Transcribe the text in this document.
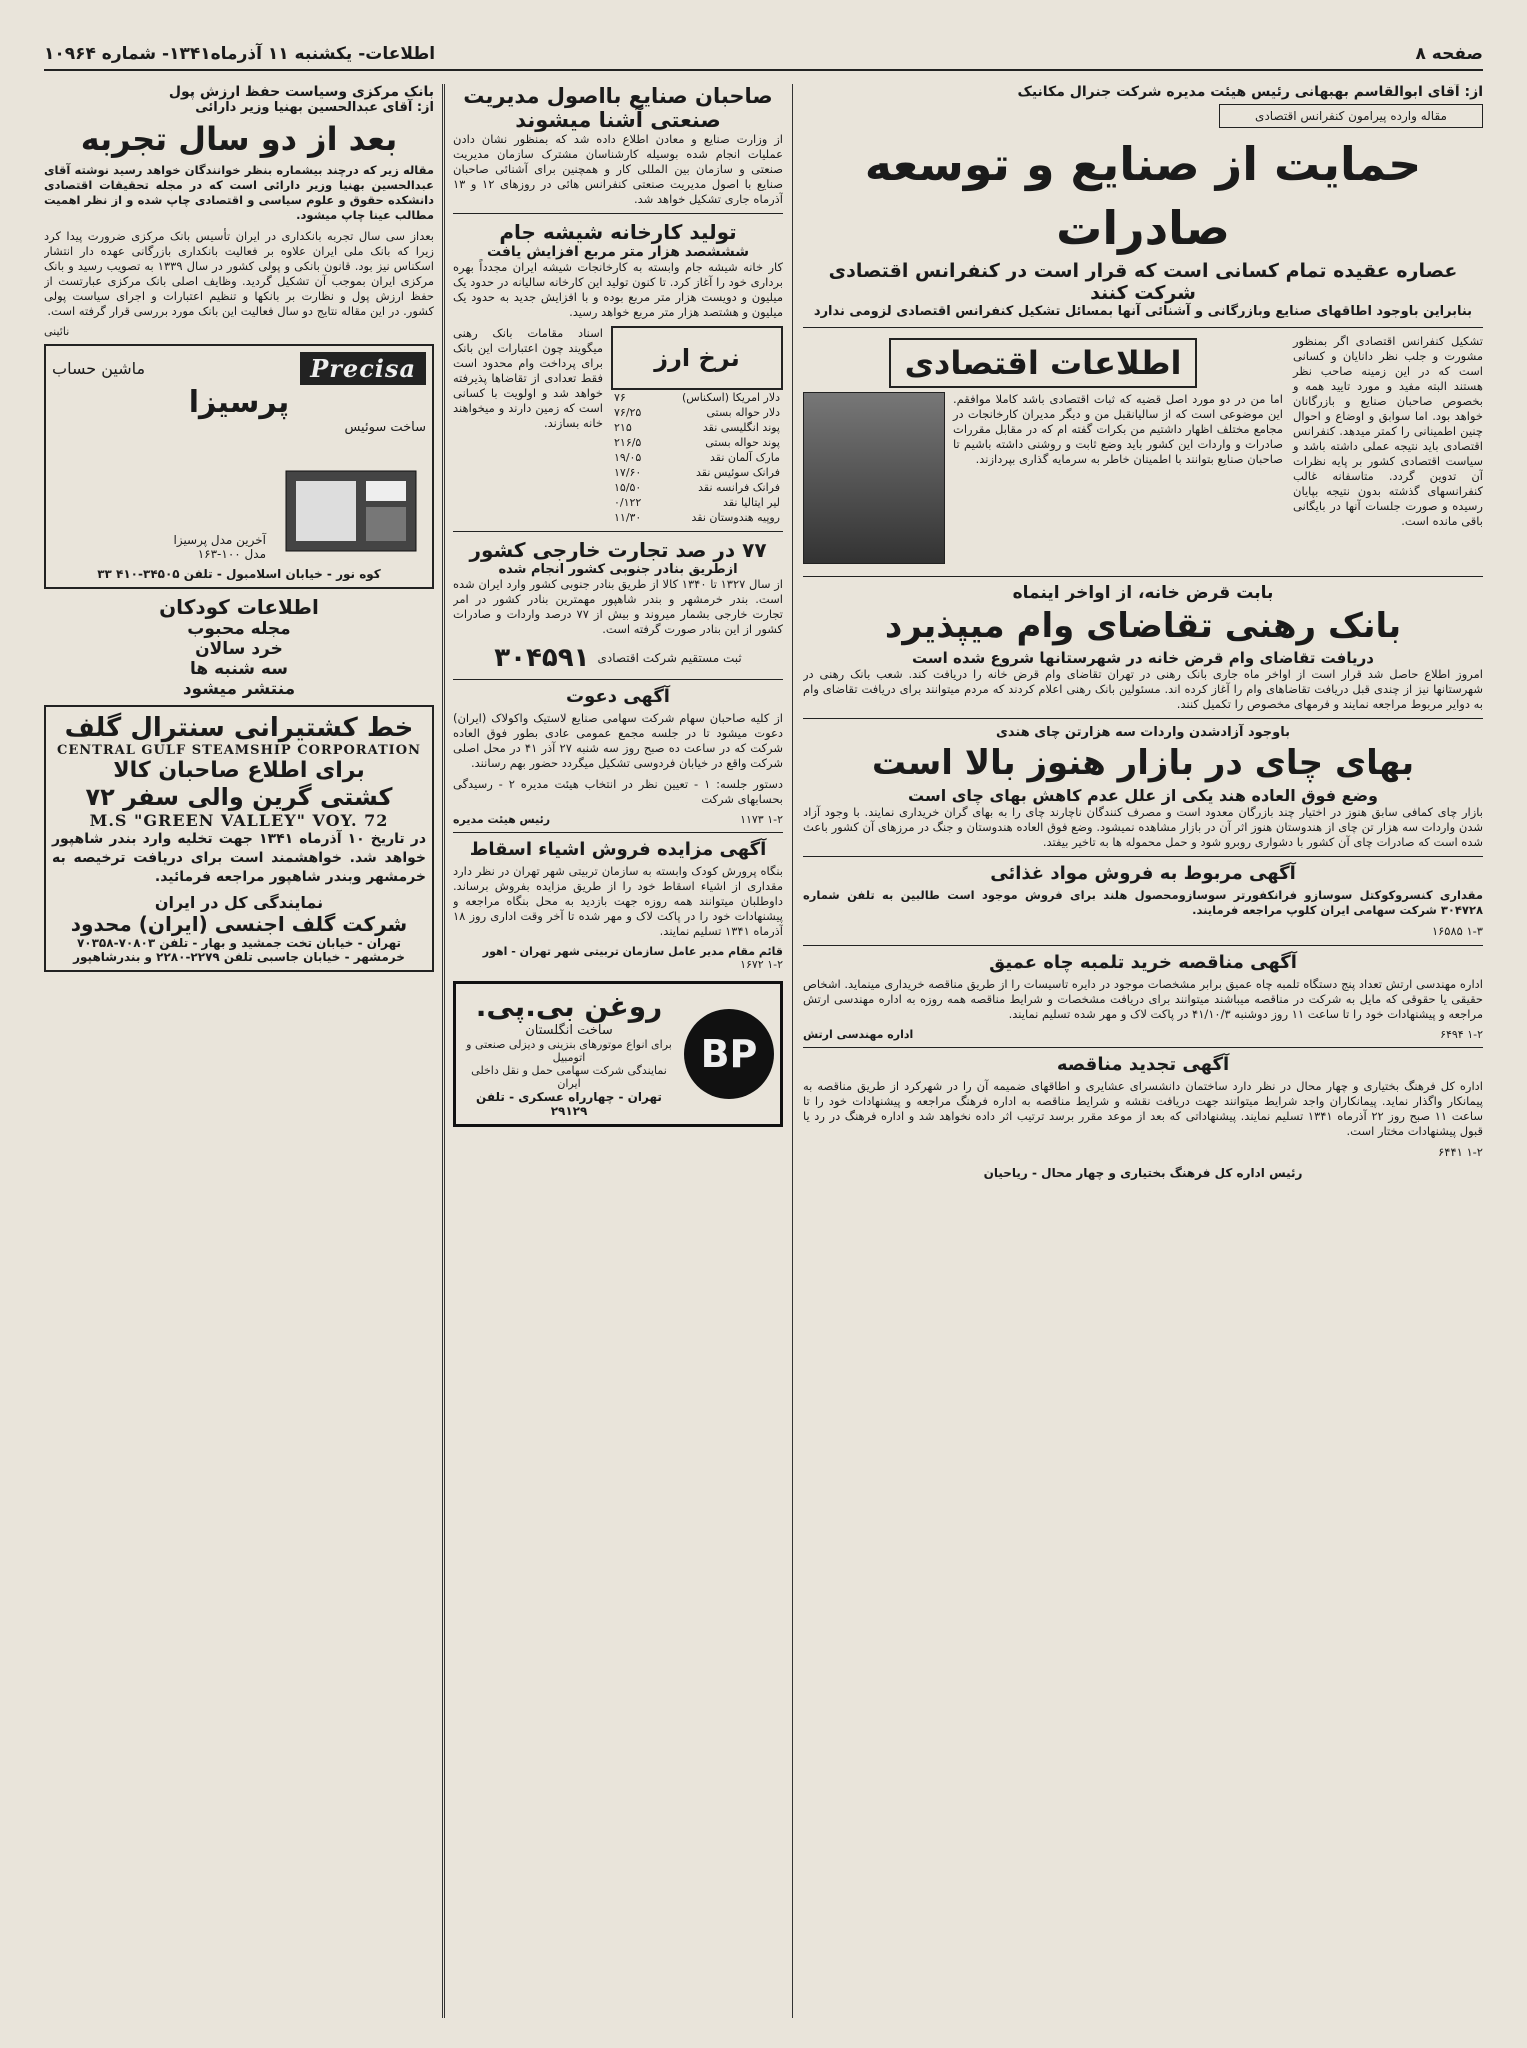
صفحه ۸
اطلاعات- یکشنبه ۱۱ آذرماه۱۳۴۱- شماره ۱۰۹۶۴
از: آقای ابوالقاسم بهبهانی رئیس هیئت مدیره شرکت جنرال مکانیک
مقاله وارده پیرامون کنفرانس اقتصادی
حمایت از صنایع و توسعه صادرات
عصاره عقیده تمام کسانی است که قرار است در کنفرانس اقتصادی شرکت کنند
بنابراین باوجود اطاقهای صنایع وبازرگانی و آشنائی آنها بمسائل تشکیل کنفرانس اقتصادی لزومی ندارد

تشکیل کنفرانس اقتصادی اگر بمنظور مشورت و جلب نظر دانایان و کسانی است که در این زمینه صاحب نظر هستند البته مفید و مورد تایید همه و بخصوص صاحبان صنایع و بازرگانان خواهد بود. اما سوابق و اوضاع و احوال چنین اطمینانی را کمتر میدهد. کنفرانس اقتصادی باید نتیجه عملی داشته باشد و سیاست اقتصادی کشور بر پایه نظرات آن تدوین گردد. متاسفانه غالب کنفرانسهای گذشته بدون نتیجه بپایان رسیده و صورت جلسات آنها در بایگانی باقی مانده است.

اطلاعات اقتصادی

اما من در دو مورد اصل قضیه که ثبات اقتصادی باشد کاملا موافقم. این موضوعی است که از سالیانقبل من و دیگر مدیران کارخانجات در مجامع مختلف اظهار داشتیم من بکرات گفته ام که در مقابل مقررات صادرات و واردات این کشور باید وضع ثابت و روشنی داشته باشیم تا صاحبان صنایع بتوانند با اطمینان خاطر به سرمایه گذاری بپردازند.

بابت قرض خانه، از اواخر اینماه
بانک رهنی تقاضای وام میپذیرد
دریافت تقاضای وام قرض خانه در شهرستانها شروع شده است

امروز اطلاع حاصل شد قرار است از اواخر ماه جاری بانک رهنی در تهران تقاضای وام قرض خانه را دریافت کند. شعب بانک رهنی در شهرستانها نیز از چندی قبل دریافت تقاضاهای وام را آغاز کرده اند. مسئولین بانک رهنی اعلام کردند که مردم میتوانند برای دریافت تقاضای وام به دوایر مربوط مراجعه نمایند و فرمهای مخصوص را تکمیل کنند.

باوجود آزادشدن واردات سه هزارتن چای هندی
بهای چای در بازار هنوز بالا است
وضع فوق العاده هند یکی از علل عدم کاهش بهای چای است

بازار چای کمافی سابق هنوز در اختیار چند بازرگان معدود است و مصرف کنندگان ناچارند چای را به بهای گران خریداری نمایند. با وجود آزاد شدن واردات سه هزار تن چای از هندوستان هنوز اثر آن در بازار مشاهده نمیشود. وضع فوق العاده هندوستان و جنگ در مرزهای آن کشور باعث شده است که صادرات چای آن کشور با دشواری روبرو شود و حمل محموله ها به تاخیر بیفتد.

آگهی مربوط به فروش مواد غذائی

مقداری کنسروکوکتل سوسازو فرانکفورتر سوسازومحصول هلند برای فروش موجود است طالبین به تلفن شماره ۳۰۴۷۲۸ شرکت سهامی ایران کلوپ مراجعه فرمایند.

۱-۳ ۱۶۵۸۵
آگهی مناقصه خرید تلمبه چاه عمیق

اداره مهندسی ارتش تعداد پنج دستگاه تلمبه چاه عمیق برابر مشخصات موجود در دایره تاسیسات را از طریق مناقصه خریداری مینماید. اشخاص حقیقی یا حقوقی که مایل به شرکت در مناقصه میباشند میتوانند برای دریافت مشخصات و شرایط مناقصه همه روزه به اداره مهندسی ارتش مراجعه و پیشنهادات خود را تا ساعت ۱۱ روز دوشنبه ۴۱/۱۰/۳ در پاکت لاک و مهر شده تسلیم نمایند.

۱-۲ ۶۴۹۴
اداره مهندسی ارتش
آگهی تجدید مناقصه

اداره کل فرهنگ بختیاری و چهار محال در نظر دارد ساختمان دانشسرای عشایری و اطاقهای ضمیمه آن را در شهرکرد از طریق مناقصه به پیمانکار واگذار نماید. پیمانکاران واجد شرایط میتوانند جهت دریافت نقشه و شرایط مناقصه به اداره فرهنگ مراجعه و پیشنهادات خود را تا ساعت ۱۱ صبح روز ۲۲ آذرماه ۱۳۴۱ تسلیم نمایند. پیشنهاداتی که بعد از موعد مقرر برسد ترتیب اثر داده نخواهد شد و اداره فرهنگ در رد یا قبول پیشنهادات مختار است.

۱-۲ ۶۴۴۱
رئیس اداره کل فرهنگ بختیاری و چهار محال - ریاحیان
صاحبان صنایع بااصول مدیریت
صنعتی آشنا میشوند

از وزارت صنایع و معادن اطلاع داده شد که بمنظور نشان دادن عملیات انجام شده بوسیله کارشناسان مشترک سازمان مدیریت صنعتی و سازمان بین المللی کار و همچنین برای آشنائی صاحبان صنایع با اصول مدیریت صنعتی کنفرانس هائی در روزهای ۱۲ و ۱۳ آذرماه جاری تشکیل خواهد شد.

تولید کارخانه شیشه جام
شششصد هزار متر مربع افزایش یافت

کار خانه شیشه جام وابسته به کارخانجات شیشه ایران مجدداً بهره برداری خود را آغاز کرد. تا کنون تولید این کارخانه سالیانه در حدود یک میلیون و دویست هزار متر مربع بوده و با افزایش جدید به حدود یک میلیون و هشتصد هزار متر مربع خواهد رسید.

نرخ ارز
دلار امریکا (اسکناس)	۷۶
دلار حواله بستی	۷۶/۲۵
پوند انگلیسی نقد	۲۱۵
پوند حواله بستی	۲۱۶/۵
مارک آلمان نقد	۱۹/۰۵
فرانک سوئیس نقد	۱۷/۶۰
فرانک فرانسه نقد	۱۵/۵۰
لیر ایتالیا نقد	۰/۱۲۲
روپیه هندوستان نقد	۱۱/۳۰

اسناد مقامات بانک رهنی میگویند چون اعتبارات این بانک برای پرداخت وام محدود است فقط تعدادی از تقاضاها پذیرفته خواهد شد و اولویت با کسانی است که زمین دارند و میخواهند خانه بسازند.

۷۷ در صد تجارت خارجی کشور
ازطریق بنادر جنوبی کشور انجام شده

از سال ۱۳۲۷ تا ۱۳۴۰ کالا از طریق بنادر جنوبی کشور وارد ایران شده است. بندر خرمشهر و بندر شاهپور مهمترین بنادر کشور در امر تجارت خارجی بشمار میروند و بیش از ۷۷ درصد واردات و صادرات کشور از این بنادر صورت گرفته است.

ثبت مستقیم شرکت اقتصادی
۳۰۴۵۹۱
آگهی دعوت

از کلیه صاحبان سهام شرکت سهامی صنایع لاستیک واکولاک (ایران) دعوت میشود تا در جلسه مجمع عمومی عادی بطور فوق العاده شرکت که در ساعت ده صبح روز سه شنبه ۲۷ آذر ۴۱ در محل اصلی شرکت واقع در خیابان فردوسی تشکیل میگردد حضور بهم رسانند.

دستور جلسه: ۱ - تعیین نظر در انتخاب هیئت مدیره ۲ - رسیدگی بحسابهای شرکت

۱-۲ ۱۱۷۳
رئیس هیئت مدیره
آگهی مزایده فروش اشیاء اسقاط

بنگاه پرورش کودک وابسته به سازمان تربیتی شهر تهران در نظر دارد مقداری از اشیاء اسقاط خود را از طریق مزایده بفروش برساند. داوطلبان میتوانند همه روزه جهت بازدید به محل بنگاه مراجعه و پیشنهادات خود را در پاکت لاک و مهر شده تا آخر وقت اداری روز ۱۸ آذرماه ۱۳۴۱ تسلیم نمایند.

قائم مقام مدیر عامل سازمان تربیتی شهر تهران - اهور
۱-۲ ۱۶۷۲
BP
روغن بی.پی.
ساخت انگلستان
برای انواع موتورهای بنزینی و دیزلی صنعتی و اتومبیل
نمایندگی شرکت سهامی حمل و نقل داخلی ایران
تهران - چهارراه عسکری - تلفن ۲۹۱۲۹
بانک مرکزی وسیاست حفظ ارزش پول
از: آقای عبدالحسین بهنیا وزیر دارائی
بعد از دو سال تجربه

مقاله زیر که درچند بیشماره بنظر خوانندگان خواهد رسید نوشته آقای عبدالحسین بهنیا وزیر دارائی است که در مجله تحقیقات اقتصادی دانشکده حقوق و علوم سیاسی و اقتصادی چاپ شده و از نظر اهمیت مطالب عینا چاپ میشود.

بعداز سی سال تجربه بانکداری در ایران تأسیس بانک مرکزی ضرورت پیدا کرد زیرا که بانک ملی ایران علاوه بر فعالیت بانکداری بازرگانی عهده دار انتشار اسکناس نیز بود. قانون بانکی و پولی کشور در سال ۱۳۳۹ به تصویب رسید و بانک مرکزی ایران بموجب آن تشکیل گردید. وظایف اصلی بانک مرکزی عبارتست از حفظ ارزش پول و نظارت بر بانکها و تنظیم اعتبارات و اجرای سیاست پولی کشور. در این مقاله نتایج دو سال فعالیت این بانک مورد بررسی قرار گرفته است.

نائینی
Precisa
ماشین حساب
پرسیزا
ساخت سوئیس
آخرین مدل پرسیزا
مدل ۱۰۰-۱۶۳
کوه نور - خیابان اسلامبول - تلفن ۳۴۵۰۵-۴۱۰ ۳۳
اطلاعات کودکان
مجله محبوب
خرد سالان
سه شنبه ها
منتشر میشود
خط کشتیرانی سنترال گلف
CENTRAL GULF STEAMSHIP CORPORATION
برای اطلاع صاحبان کالا
کشتی گرین والی سفر ۷۲
M.S "GREEN VALLEY" VOY. 72

در تاریخ ۱۰ آذرماه ۱۳۴۱ جهت تخلیه وارد بندر شاهپور خواهد شد. خواهشمند است برای دریافت ترخیصه به خرمشهر وبندر شاهپور مراجعه فرمائید.

نمایندگی کل در ایران
شرکت گلف اجنسی (ایران) محدود
تهران - خیابان تخت جمشید و بهار - تلفن ۷۰۸۰۳-۷۰۳۵۸
خرمشهر - خیابان جاسبی تلفن ۲۲۷۹-۲۲۸۰ و بندرشاهپور
